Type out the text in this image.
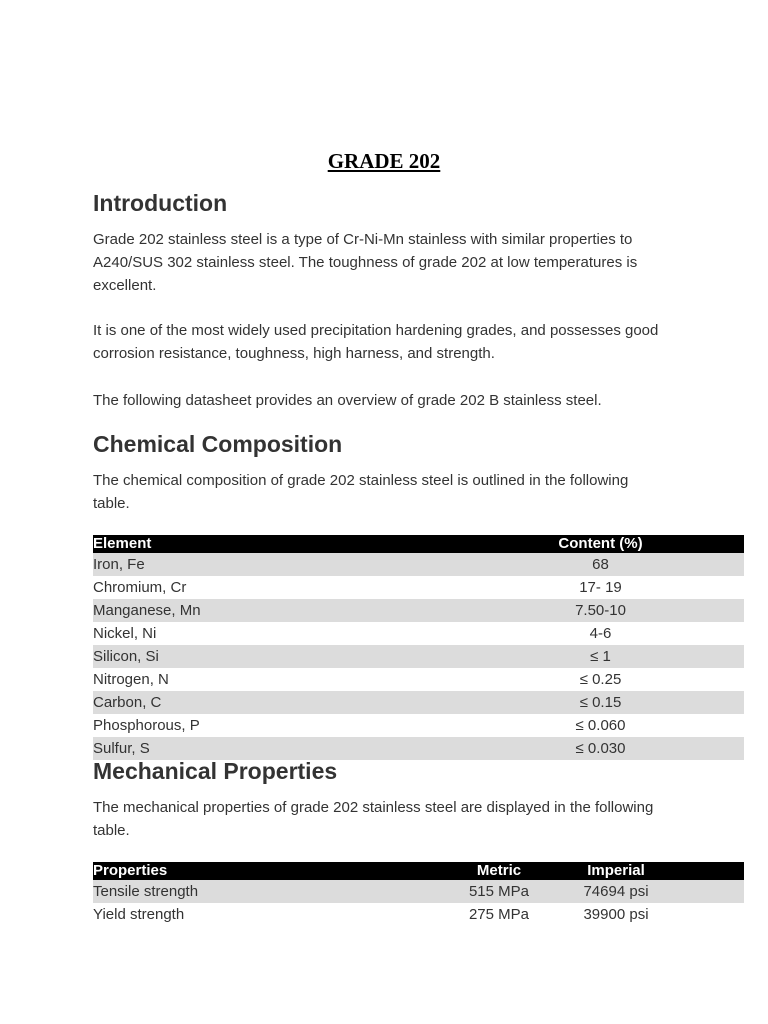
GRADE 202
Introduction

Grade 202 stainless steel is a type of Cr-Ni-Mn stainless with similar properties to A240/SUS 302 stainless steel. The toughness of grade 202 at low temperatures is excellent.

It is one of the most widely used precipitation hardening grades, and possesses good corrosion resistance, toughness, high harness, and strength.

The following datasheet provides an overview of grade 202 B stainless steel.

Chemical Composition

The chemical composition of grade 202 stainless steel is outlined in the following table.

Element	Content (%)	
Iron, Fe	68	
Chromium, Cr	17- 19	
Manganese, Mn	7.50-10	
Nickel, Ni	4-6	
Silicon, Si	≤ 1	
Nitrogen, N	≤ 0.25	
Carbon, C	≤ 0.15	
Phosphorous, P	≤ 0.060	
Sulfur, S	≤ 0.030	
Mechanical Properties

The mechanical properties of grade 202 stainless steel are displayed in the following table.

Properties	Metric	Imperial	
Tensile strength	515 MPa	74694 psi	
Yield strength	275 MPa	39900 psi	
